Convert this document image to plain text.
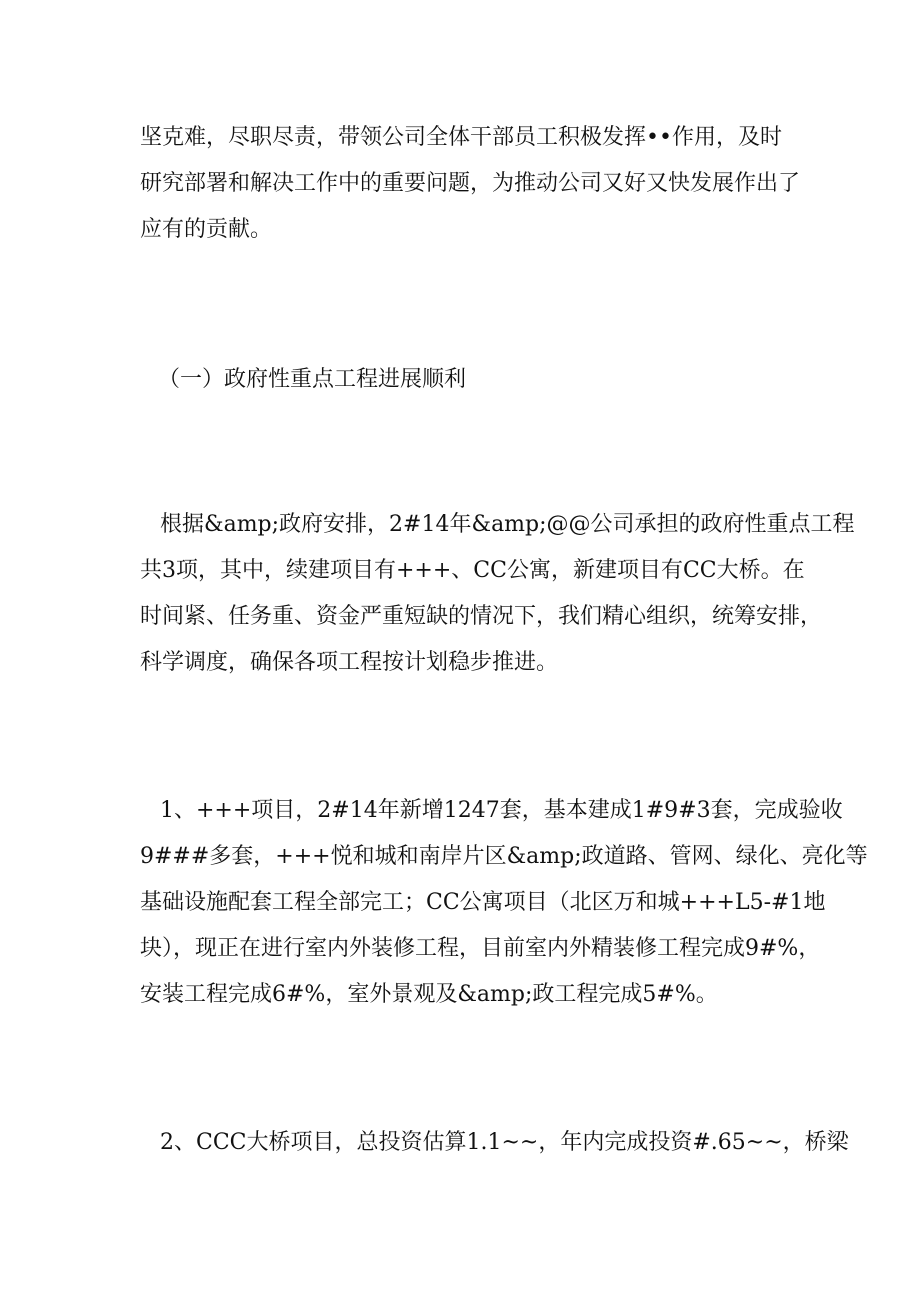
坚克难，尽职尽责，带领公司全体干部员工积极发挥••作用，及时
研究部署和解决工作中的重要问题，为推动公司又好又快发展作出了
应有的贡献。
（一）政府性重点工程进展顺利
根据&amp;政府安排，2#14年&amp;@@公司承担的政府性重点工程
共3项，其中，续建项目有+++、CC公寓，新建项目有CC大桥。在
时间紧、任务重、资金严重短缺的情况下，我们精心组织，统筹安排，
科学调度，确保各项工程按计划稳步推进。
1、+++项目，2#14年新增1247套，基本建成1#9#3套，完成验收
9###多套，+++悦和城和南岸片区&amp;政道路、管网、绿化、亮化等
基础设施配套工程全部完工；CC公寓项目（北区万和城+++L5-#1地
块），现正在进行室内外装修工程，目前室内外精装修工程完成9#%，
安装工程完成6#%，室外景观及&amp;政工程完成5#%。
2、CCC大桥项目，总投资估算1.1~~，年内完成投资#.65~~，桥梁
